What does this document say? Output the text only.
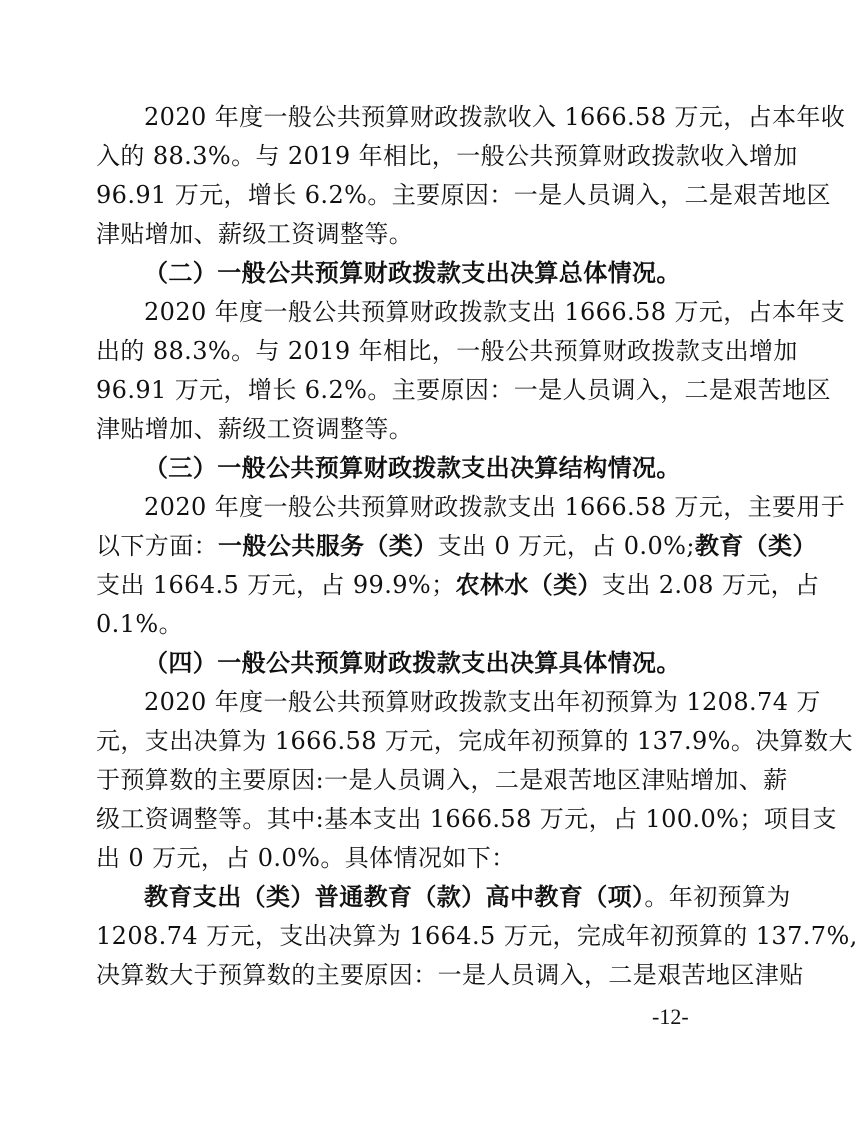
2020 年度一般公共预算财政拨款收入 1666.58 万元，占本年收
入的 88.3%。与 2019 年相比，一般公共预算财政拨款收入增加
96.91 万元，增长 6.2%。主要原因：一是人员调入，二是艰苦地区
津贴增加、薪级工资调整等。
（二）一般公共预算财政拨款支出决算总体情况。
2020 年度一般公共预算财政拨款支出 1666.58 万元，占本年支
出的 88.3%。与 2019 年相比，一般公共预算财政拨款支出增加
96.91 万元，增长 6.2%。主要原因：一是人员调入，二是艰苦地区
津贴增加、薪级工资调整等。
（三）一般公共预算财政拨款支出决算结构情况。
2020 年度一般公共预算财政拨款支出 1666.58 万元，主要用于
以下方面：一般公共服务（类）支出 0 万元，占 0.0%;教育（类）
支出 1664.5 万元，占 99.9%；农林水（类）支出 2.08 万元，占
0.1%。
（四）一般公共预算财政拨款支出决算具体情况。
2020 年度一般公共预算财政拨款支出年初预算为 1208.74 万
元，支出决算为 1666.58 万元，完成年初预算的 137.9%。决算数大
于预算数的主要原因:一是人员调入，二是艰苦地区津贴增加、薪
级工资调整等。其中:基本支出 1666.58 万元，占 100.0%；项目支
出 0 万元，占 0.0%。具体情况如下：
教育支出（类）普通教育（款）高中教育（项）。年初预算为
1208.74 万元，支出决算为 1664.5 万元，完成年初预算的 137.7%,
决算数大于预算数的主要原因：一是人员调入，二是艰苦地区津贴
-12-
